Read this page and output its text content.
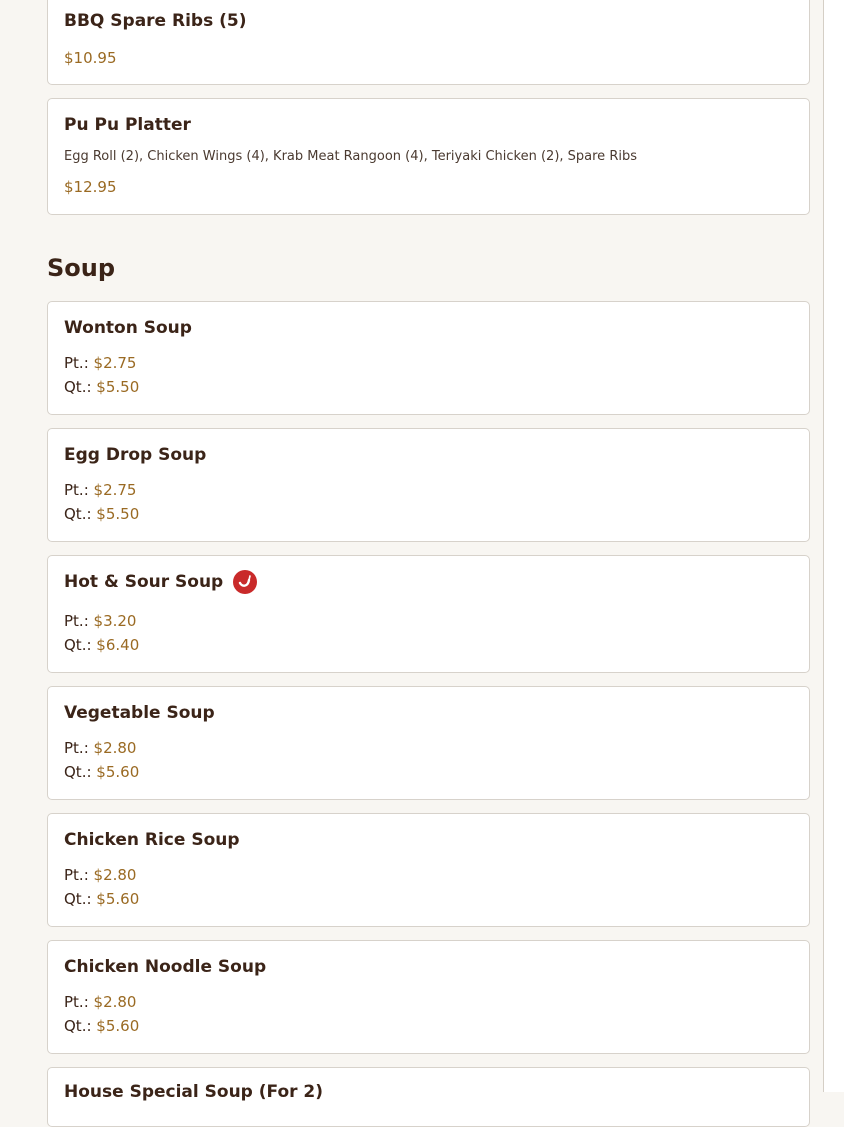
BBQ Spare Ribs (5)
$10.95
Pu Pu Platter
Egg Roll (2), Chicken Wings (4), Krab Meat Rangoon (4), Teriyaki Chicken (2), Spare Ribs
$12.95
Soup
Wonton Soup
Pt.: $2.75
Qt.: $5.50
Egg Drop Soup
Pt.: $2.75
Qt.: $5.50
Hot & Sour Soup
Pt.: $3.20
Qt.: $6.40
Vegetable Soup
Pt.: $2.80
Qt.: $5.60
Chicken Rice Soup
Pt.: $2.80
Qt.: $5.60
Chicken Noodle Soup
Pt.: $2.80
Qt.: $5.60
House Special Soup (For 2)
